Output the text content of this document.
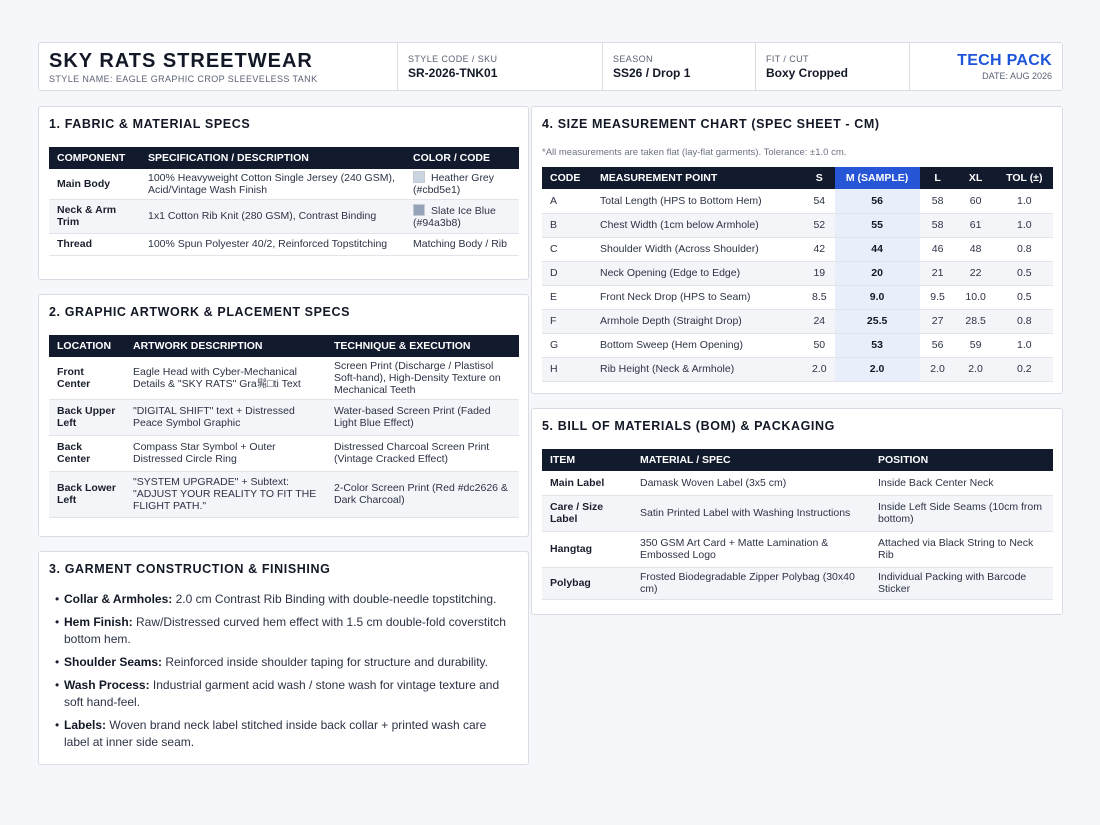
SKY RATS STREETWEAR
STYLE NAME: EAGLE GRAPHIC CROP SLEEVELESS TANK
STYLE CODE / SKU
SR-2026-TNK01
SEASON
SS26 / Drop 1
FIT / CUT
Boxy Cropped
TECH PACK
DATE: AUG 2026
1. FABRIC & MATERIAL SPECS
COMPONENT	SPECIFICATION / DESCRIPTION	COLOR / CODE
Main Body	100% Heavyweight Cotton Single Jersey (240 GSM), Acid/Vintage Wash Finish	Heather Grey (#cbd5e1)
Neck & Arm Trim	1x1 Cotton Rib Knit (280 GSM), Contrast Binding	Slate Ice Blue (#94a3b8)
Thread	100% Spun Polyester 40/2, Reinforced Topstitching	Matching Body / Rib
2. GRAPHIC ARTWORK & PLACEMENT SPECS
LOCATION	ARTWORK DESCRIPTION	TECHNIQUE & EXECUTION
Front Center	Eagle Head with Cyber-Mechanical Details & "SKY RATS" Gra髴□ti Text	Screen Print (Discharge / Plastisol Soft-hand), High-Density Texture on Mechanical Teeth
Back Upper Left	"DIGITAL SHIFT" text + Distressed Peace Symbol Graphic	Water-based Screen Print (Faded Light Blue Effect)
Back Center	Compass Star Symbol + Outer Distressed Circle Ring	Distressed Charcoal Screen Print (Vintage Cracked Effect)
Back Lower Left	"SYSTEM UPGRADE" + Subtext: "ADJUST YOUR REALITY TO FIT THE FLIGHT PATH."	2-Color Screen Print (Red #dc2626 & Dark Charcoal)
3. GARMENT CONSTRUCTION & FINISHING
• Collar & Armholes: 2.0 cm Contrast Rib Binding with double-needle topstitching.
• Hem Finish: Raw/Distressed curved hem effect with 1.5 cm double-fold coverstitch bottom hem.
• Shoulder Seams: Reinforced inside shoulder taping for structure and durability.
• Wash Process: Industrial garment acid wash / stone wash for vintage texture and soft hand-feel.
• Labels: Woven brand neck label stitched inside back collar + printed wash care label at inner side seam.
4. SIZE MEASUREMENT CHART (SPEC SHEET - CM)
*All measurements are taken flat (lay-flat garments). Tolerance: ±1.0 cm.
CODE	MEASUREMENT POINT	S	M (SAMPLE)	L	XL	TOL (±)
A	Total Length (HPS to Bottom Hem)	54	56	58	60	1.0
B	Chest Width (1cm below Armhole)	52	55	58	61	1.0
C	Shoulder Width (Across Shoulder)	42	44	46	48	0.8
D	Neck Opening (Edge to Edge)	19	20	21	22	0.5
E	Front Neck Drop (HPS to Seam)	8.5	9.0	9.5	10.0	0.5
F	Armhole Depth (Straight Drop)	24	25.5	27	28.5	0.8
G	Bottom Sweep (Hem Opening)	50	53	56	59	1.0
H	Rib Height (Neck & Armhole)	2.0	2.0	2.0	2.0	0.2
5. BILL OF MATERIALS (BOM) & PACKAGING
ITEM	MATERIAL / SPEC	POSITION
Main Label	Damask Woven Label (3x5 cm)	Inside Back Center Neck
Care / Size Label	Satin Printed Label with Washing Instructions	Inside Left Side Seams (10cm from bottom)
Hangtag	350 GSM Art Card + Matte Lamination & Embossed Logo	Attached via Black String to Neck Rib
Polybag	Frosted Biodegradable Zipper Polybag (30x40 cm)	Individual Packing with Barcode Sticker
